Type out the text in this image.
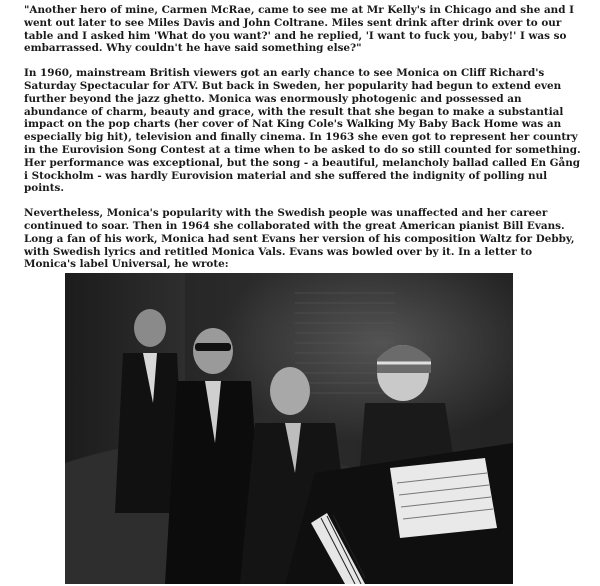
"Another hero of mine, Carmen McRae, came to see me at Mr Kelly's in Chicago and she and I went out later to see Miles Davis and John Coltrane. Miles sent drink after drink over to our table and I asked him 'What do you want?' and he replied, 'I want to fuck you, baby!' I was so embarrassed. Why couldn't he have said something else?"

In 1960, mainstream British viewers got an early chance to see Monica on Cliff Richard's Saturday Spectacular for ATV. But back in Sweden, her popularity had begun to extend even further beyond the jazz ghetto. Monica was enormously photogenic and possessed an abundance of charm, beauty and grace, with the result that she began to make a substantial impact on the pop charts (her cover of Nat King Cole's Walking My Baby Back Home was an especially big hit), television and finally cinema. In 1963 she even got to represent her country in the Eurovision Song Contest at a time when to be asked to do so still counted for something. Her performance was exceptional, but the song - a beautiful, melancholy ballad called En Gång i Stockholm - was hardly Eurovision material and she suffered the indignity of polling nul points.

Nevertheless, Monica's popularity with the Swedish people was unaffected and her career continued to soar. Then in 1964 she collaborated with the great American pianist Bill Evans. Long a fan of his work, Monica had sent Evans her version of his composition Waltz for Debby, with Swedish lyrics and retitled Monica Vals. Evans was bowled over by it. In a letter to Monica's label Universal, he wrote:
